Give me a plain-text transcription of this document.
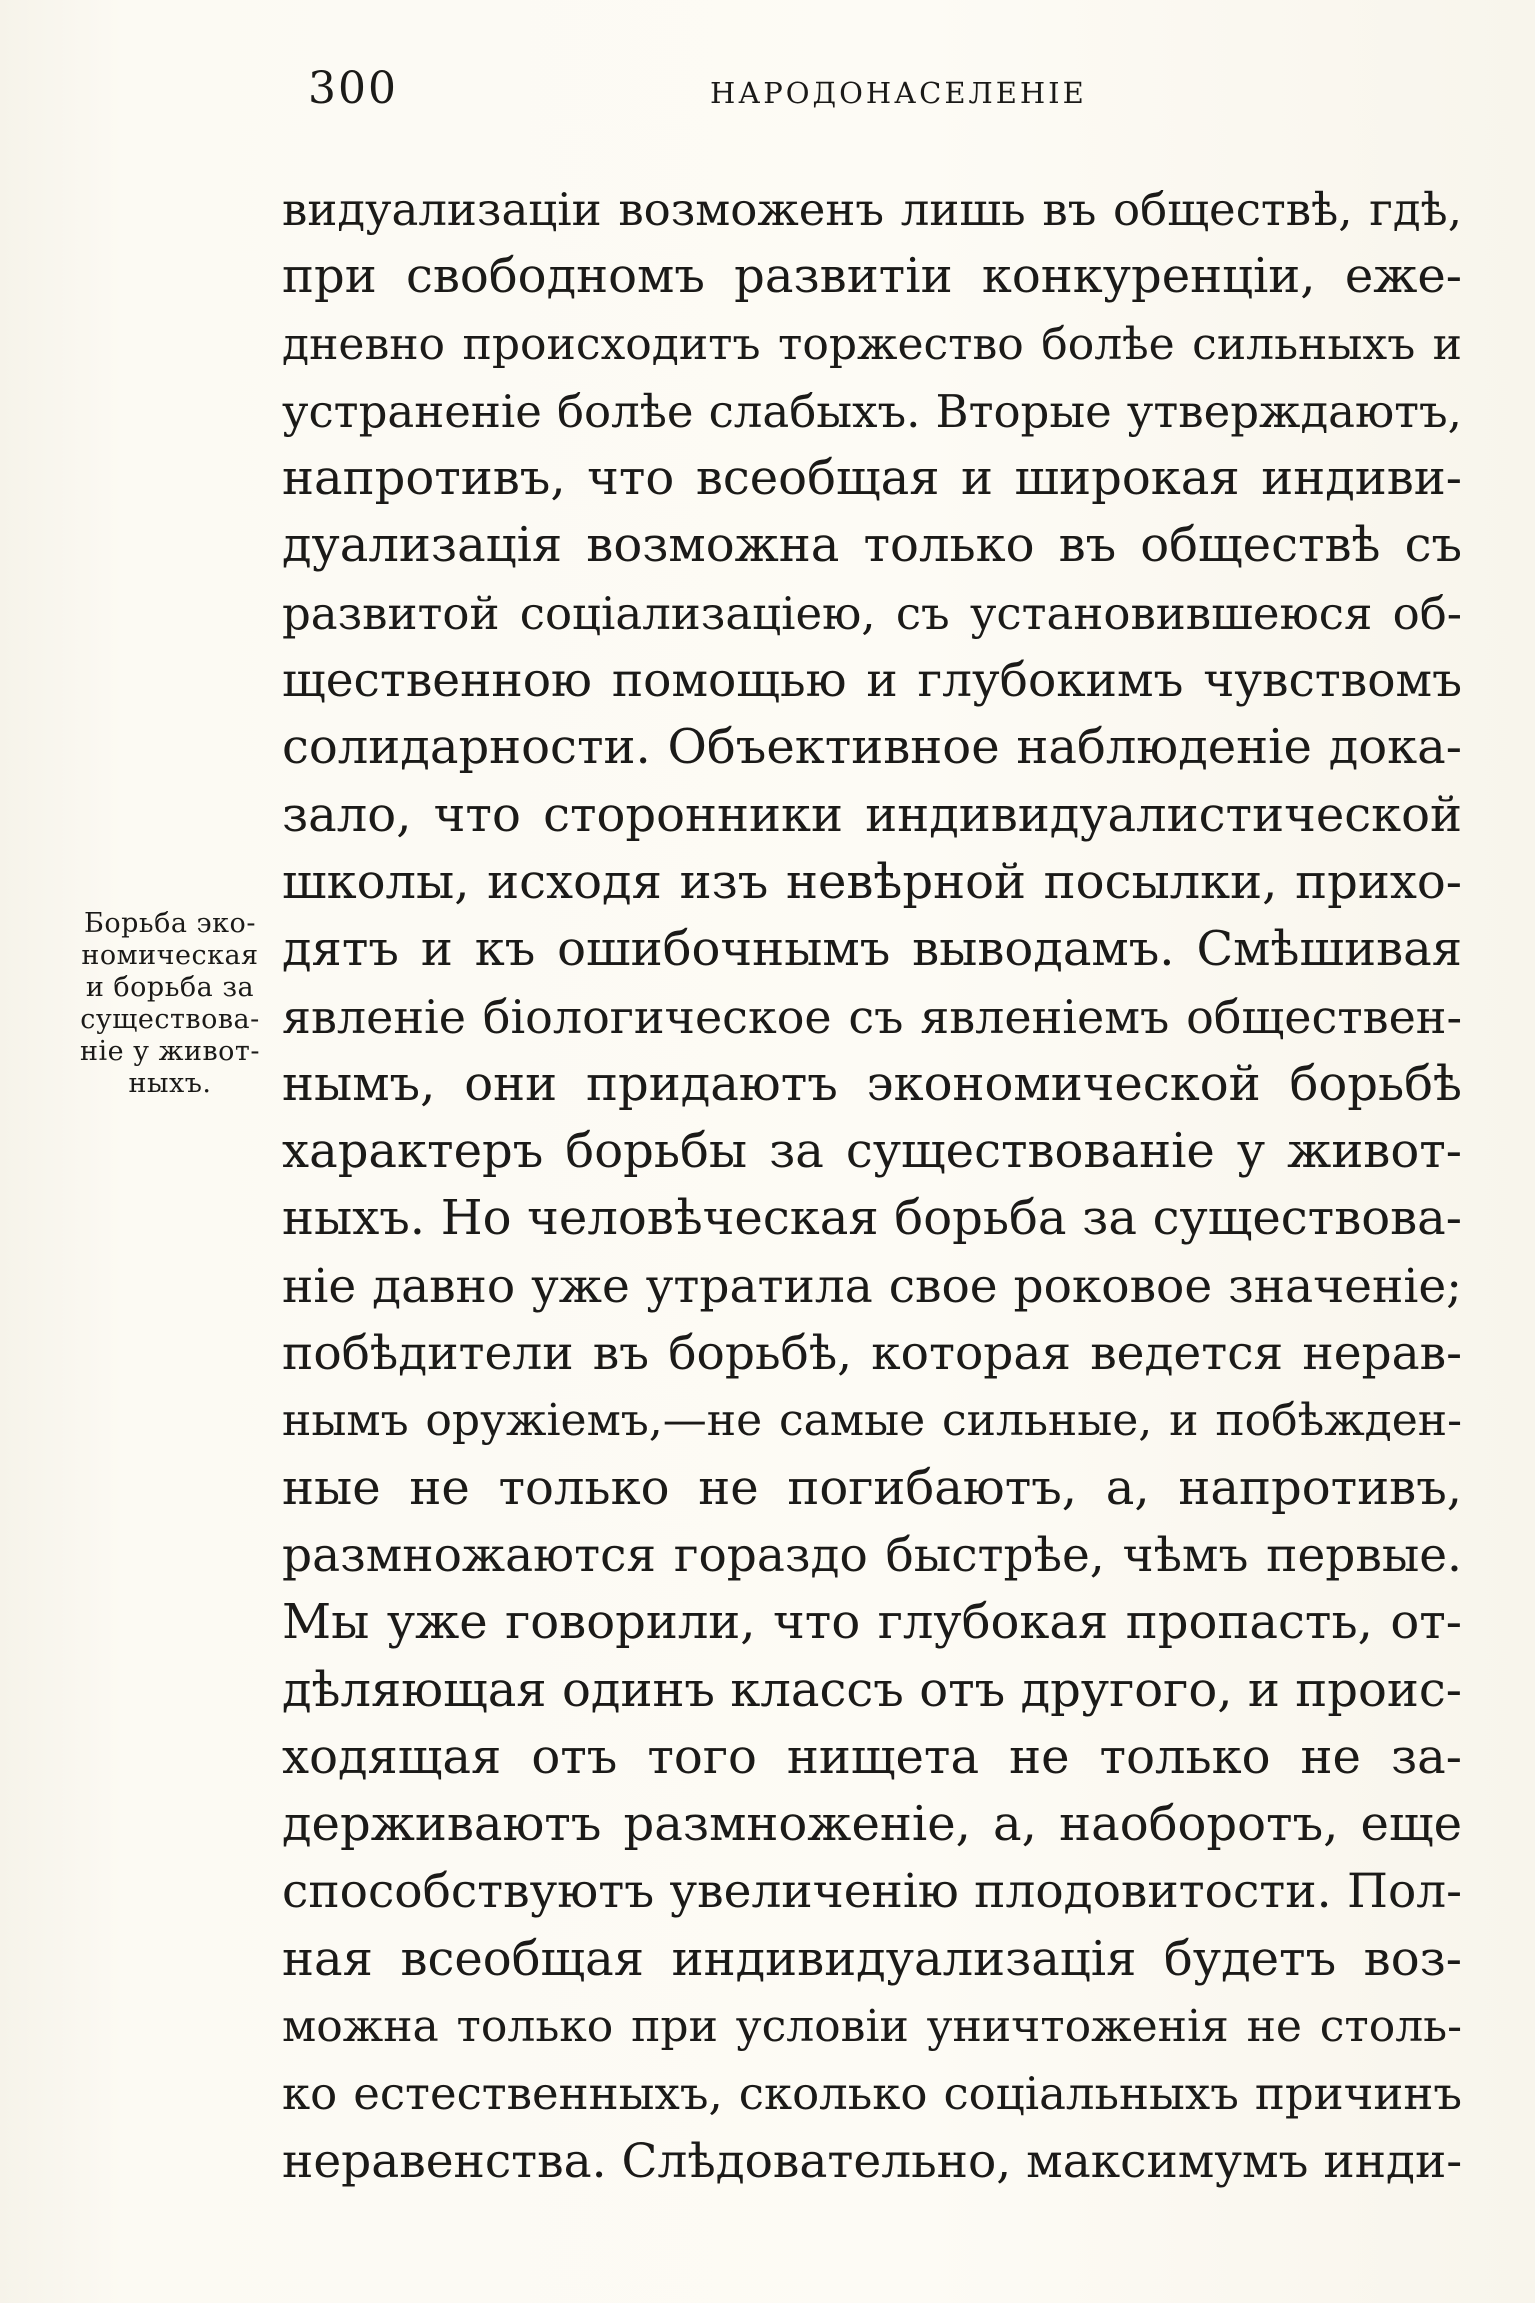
300	НАРОДОНАСЕЛЕНІЕ
Борьба эко-
номическая
и борьба за
существова-
ніе у живот-
ныхъ.
видуализаціи возможенъ лишь въ обществѣ, гдѣ,
при свободномъ развитіи конкуренціи, еже-
дневно происходитъ торжество болѣе сильныхъ и
устраненіе болѣе слабыхъ. Вторые утверждаютъ,
напротивъ, что всеобщая и широкая индиви-
дуализація возможна только въ обществѣ съ
развитой соціализаціею, съ установившеюся об-
щественною помощью и глубокимъ чувствомъ
солидарности. Объективное наблюденіе дока-
зало, что сторонники индивидуалистической
школы, исходя изъ невѣрной посылки, прихо-
дятъ и къ ошибочнымъ выводамъ. Смѣшивая
явленіе біологическое съ явленіемъ обществен-
нымъ, они придаютъ экономической борьбѣ
характеръ борьбы за существованіе у живот-
ныхъ. Но человѣческая борьба за существова-
ніе давно уже утратила свое роковое значеніе;
побѣдители въ борьбѣ, которая ведется нерав-
нымъ оружіемъ,—не самые сильные, и побѣжден-
ные не только не погибаютъ, а, напротивъ,
размножаются гораздо быстрѣе, чѣмъ первые.
Мы уже говорили, что глубокая пропасть, от-
дѣляющая одинъ классъ отъ другого, и проис-
ходящая отъ того нищета не только не за-
держиваютъ размноженіе, а, наоборотъ, еще
способствуютъ увеличенію плодовитости. Пол-
ная всеобщая индивидуализація будетъ воз-
можна только при условіи уничтоженія не столь-
ко естественныхъ, сколько соціальныхъ причинъ
неравенства. Слѣдовательно, максимумъ инди-
